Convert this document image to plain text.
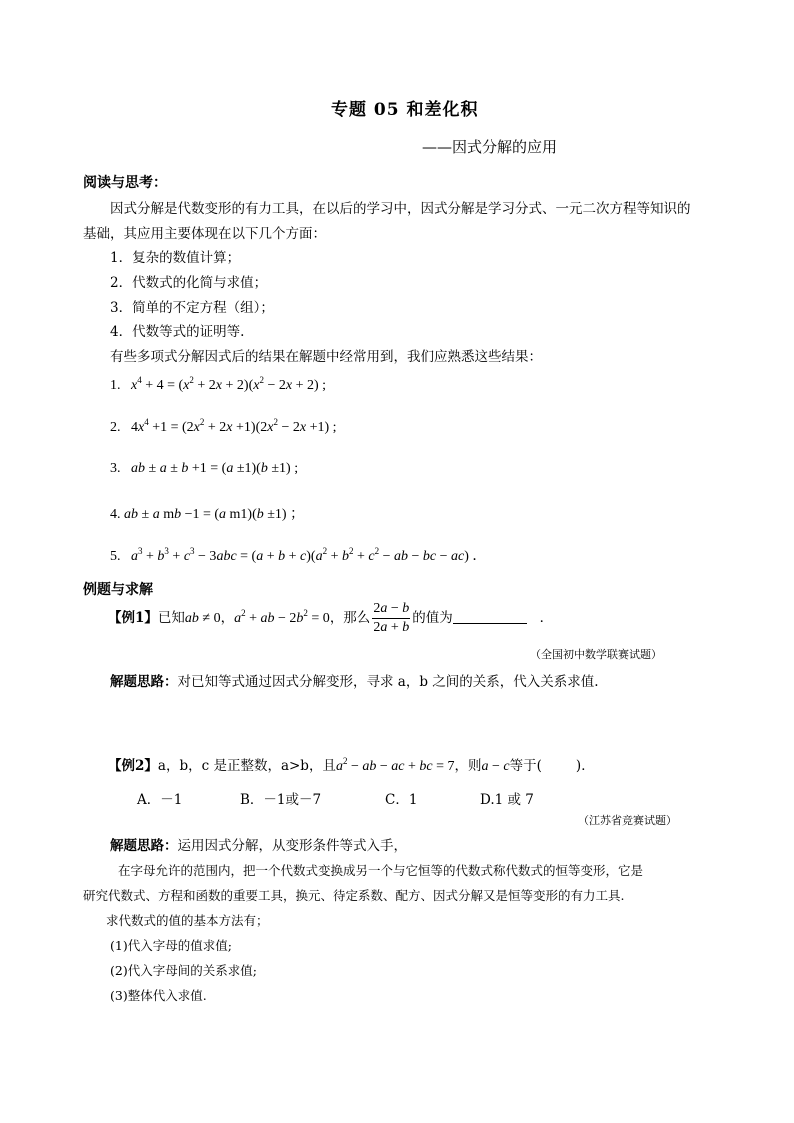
专题 05 和差化积
——因式分解的应用
阅读与思考：
因式分解是代数变形的有力工具，在以后的学习中，因式分解是学习分式、一元二次方程等知识的
基础，其应用主要体现在以下几个方面：
1．复杂的数值计算；
2．代数式的化简与求值；
3．简单的不定方程（组）；
4．代数等式的证明等.
有些多项式分解因式后的结果在解题中经常用到，我们应熟悉这些结果：
1. $x^4 + 4 = (x^2 + 2x + 2)(x^2 - 2x + 2)$ ;
2.   $4x^4 +1 = (2x^2 + 2x +1)(2x^2 - 2x +1)$ ;
3. ab ± a ± b +1 = (a ±1)(b ±1) ;
4. ab ± a mb −1 = (a m1)(b ±1) ；
5. $a^3 + b^3 + c^3 - 3abc = (a + b + c)(a^2 + b^2 + c^2$ − ab − bc − ac) ．
例题与求解
【例1】已知ab ≠ 0，$a^2$ + ab − $2b^2 = 0$，那么 $\frac{2a - b}{2a + b}$ 的值为	．
（全国初中数学联赛试题）
解题思路：对已知等式通过因式分解变形，寻求 a，b 之间的关系，代入关系求值.
【例2】a，b，c 是正整数，a>b，且$a^2$ − ab − ac + bc = 7，则a − c等于(	)．
A．－1	B．－1或－7	C．1	D.1 或 7
（江苏省竞赛试题）
解题思路：运用因式分解，从变形条件等式入手，
在字母允许的范围内，把一个代数式变换成另一个与它恒等的代数式称代数式的恒等变形，它是
研究代数式、方程和函数的重要工具，换元、待定系数、配方、因式分解又是恒等变形的有力工具.
求代数式的值的基本方法有；
(1)代入字母的值求值;
(2)代入字母间的关系求值;
(3)整体代入求值.
